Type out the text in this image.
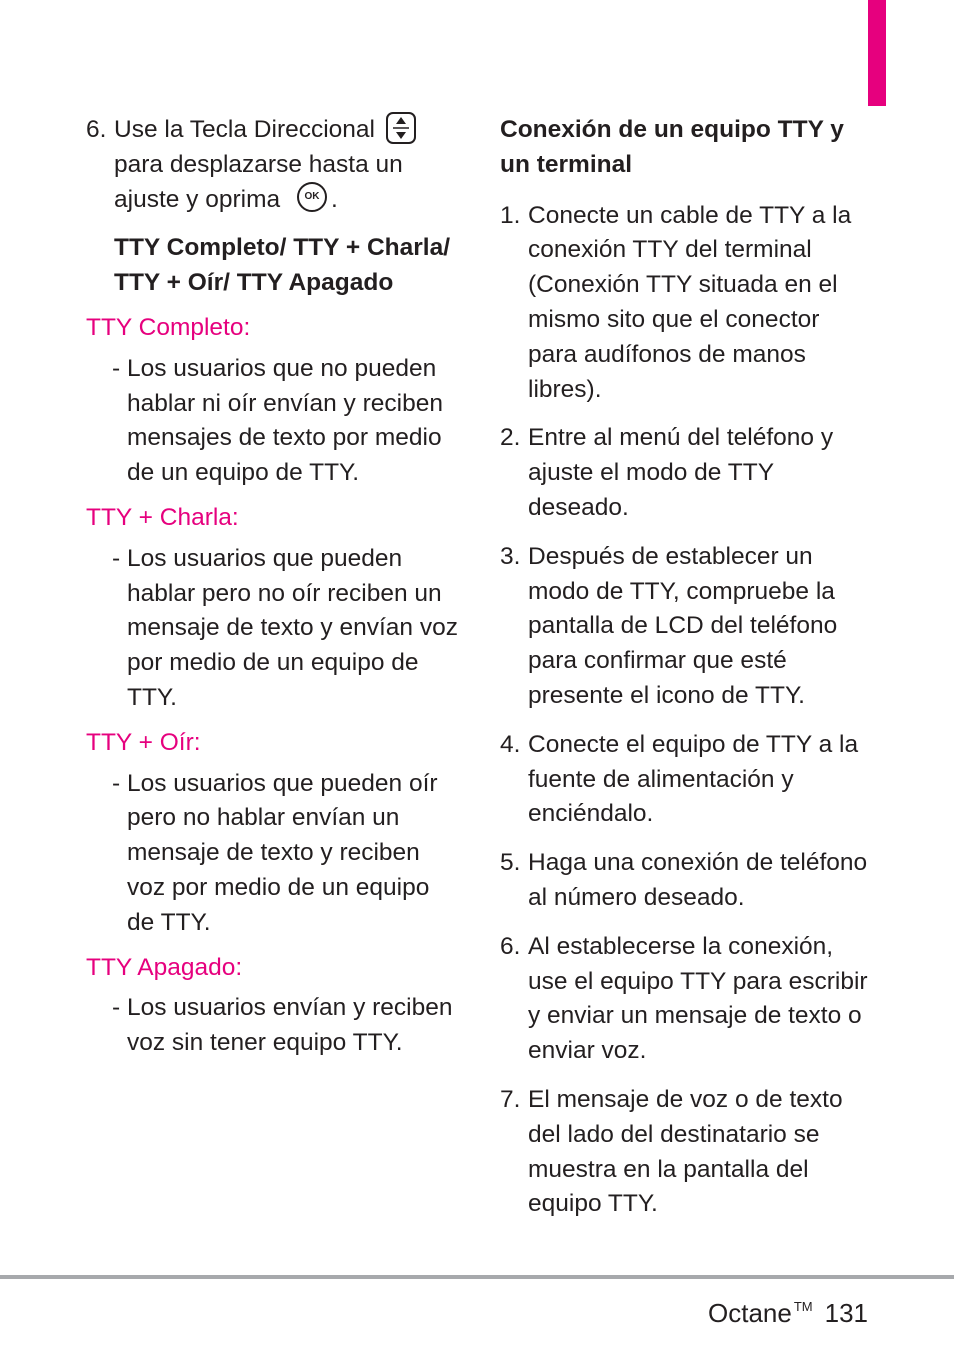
6. Use la Tecla Direccional
para desplazarse hasta un ajuste y oprima	OK .
TTY Completo/ TTY + Charla/ TTY + Oír/ TTY Apagado
TTY Completo:
- Los usuarios que no pueden hablar ni oír envían y reciben mensajes de texto por medio de un equipo de TTY.
TTY + Charla:
- Los usuarios que pueden hablar pero no oír reciben un mensaje de texto y envían voz por medio de un equipo de TTY.
TTY + Oír:
- Los usuarios que pueden oír pero no hablar envían un mensaje de texto y reciben voz por medio de un equipo de TTY.
TTY Apagado:
- Los usuarios envían y reciben voz sin tener equipo TTY.
Conexión de un equipo TTY y un terminal
1. Conecte un cable de TTY a la conexión TTY del terminal (Conexión TTY situada en el mismo sito que el conector para audífonos de manos libres).
2. Entre al menú del teléfono y ajuste el modo de TTY deseado.
3. Después de establecer un modo de TTY, compruebe la pantalla de LCD del teléfono para confirmar que esté presente el icono de TTY.
4. Conecte el equipo de TTY a la fuente de alimentación y enciéndalo.
5. Haga una conexión de teléfono al número deseado.
6. Al establecerse la conexión, use el equipo TTY para escribir y enviar un mensaje de texto o enviar voz.
7. El mensaje de voz o de texto del lado del destinatario se muestra en la pantalla del equipo TTY.
Octane ™ 131
